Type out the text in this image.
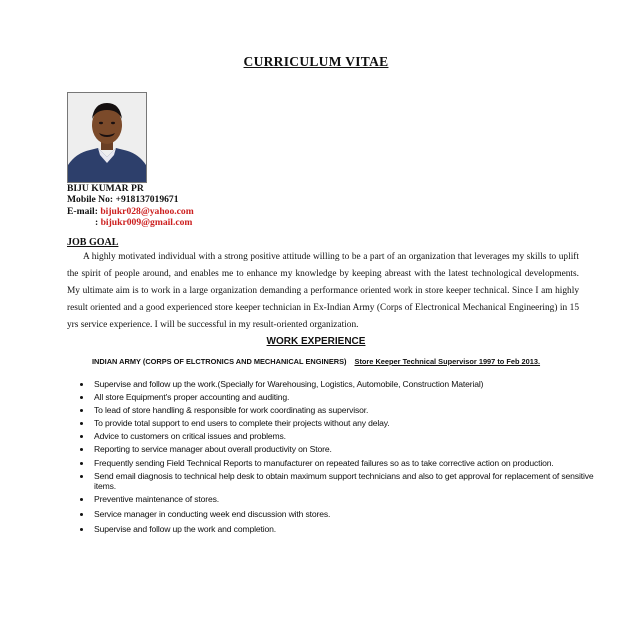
CURRICULUM VITAE
BIJU KUMAR PR
Mobile No: +918137019671
E-mail: bijukr028@yahoo.com
: bijukr009@gmail.com
JOB GOAL

A highly motivated individual with a strong positive attitude willing to be a part of an organization that leverages my skills to uplift the spirit of people around, and enables me to enhance my knowledge by keeping abreast with the latest technological developments. My ultimate aim is to work in a large organization demanding a performance oriented work in store keeper technical. Since I am highly result oriented and a good experienced store keeper technician in Ex-Indian Army (Corps of Electronical Mechanical Engineering) in 15 yrs service experience. I will be successful in my result-oriented organization.

WORK EXPERIENCE
INDIAN ARMY (CORPS OF ELCTRONICS AND MECHANICAL ENGINERS) Store Keeper Technical Supervisor 1997 to Feb 2013.
• Supervise and follow up the work.(Specially for Warehousing, Logistics, Automobile, Construction Material)
• All store Equipment's proper accounting and auditing.
• To lead of store handling & responsible for work coordinating as supervisor.
• To provide total support to end users to complete their projects without any delay.
• Advice to customers on critical issues and problems.
• Reporting to service manager about overall productivity on Store.
• Frequently sending Field Technical Reports to manufacturer on repeated failures so as to take corrective action on production.
• Send email diagnosis to technical help desk to obtain maximum support technicians and also to get approval for replacement of sensitive items.
• Preventive maintenance of stores.
• Service manager in conducting week end discussion with stores.
• Supervise and follow up the work and completion.
